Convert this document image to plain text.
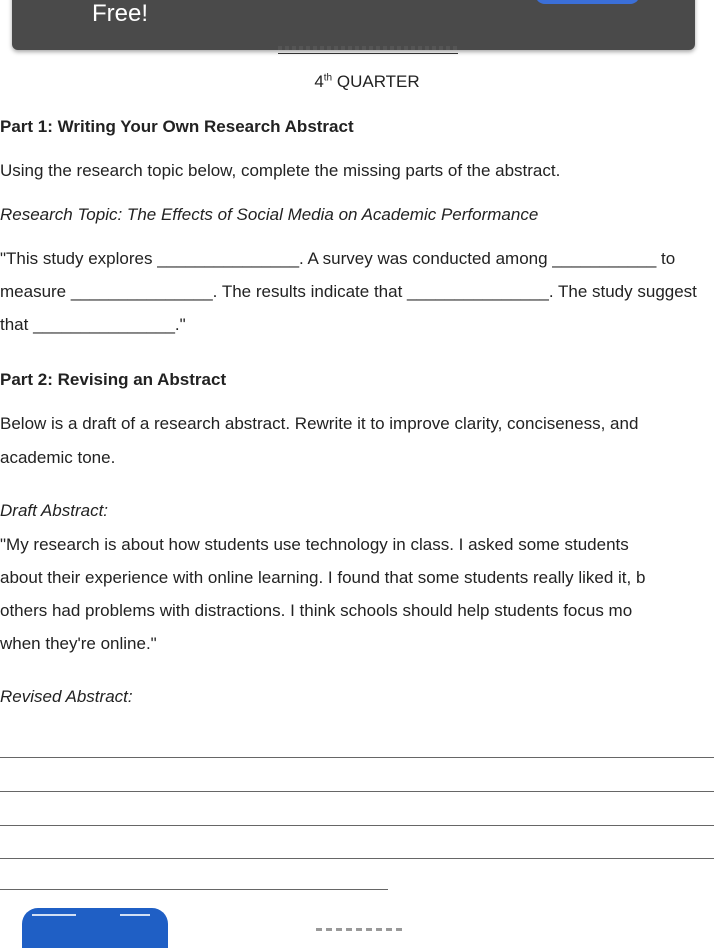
Free!
4th QUARTER
Part 1: Writing Your Own Research Abstract
Using the research topic below, complete the missing parts of the abstract.
Research Topic: The Effects of Social Media on Academic Performance
"This study explores _______________. A survey was conducted among ___________ to
measure _______________. The results indicate that _______________. The study suggest
that _______________."
Part 2: Revising an Abstract
Below is a draft of a research abstract. Rewrite it to improve clarity, conciseness, and
academic tone.
Draft Abstract:
"My research is about how students use technology in class. I asked some students
about their experience with online learning. I found that some students really liked it, b
others had problems with distractions. I think schools should help students focus mo
when they're online."
Revised Abstract:
